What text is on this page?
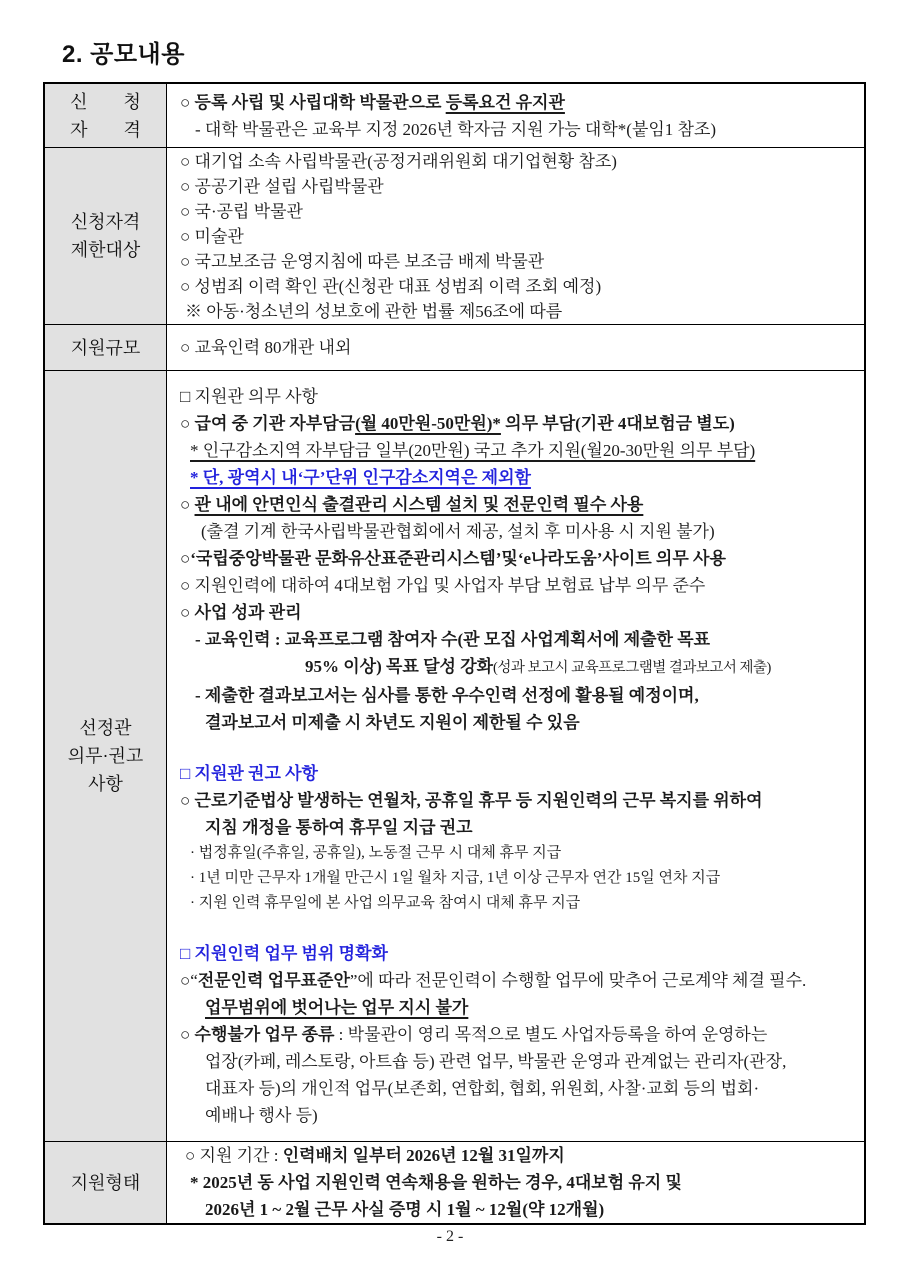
2. 공모내용
신　　청
자　　격
○ 등록 사립 및 사립대학 박물관으로 등록요건 유지관
- 대학 박물관은 교육부 지정 2026년 학자금 지원 가능 대학*(붙임1 참조)
신청자격
제한대상
○ 대기업 소속 사립박물관(공정거래위원회 대기업현황 참조)
○ 공공기관 설립 사립박물관
○ 국·공립 박물관
○ 미술관
○ 국고보조금 운영지침에 따른 보조금 배제 박물관
○ 성범죄 이력 확인 관(신청관 대표 성범죄 이력 조회 예정)
※ 아동·청소년의 성보호에 관한 법률 제56조에 따름
지원규모	○ 교육인력 80개관 내외
선정관
의무·권고
사항
□ 지원관 의무 사항
○ 급여 중 기관 자부담금(월 40만원-50만원)* 의무 부담(기관 4대보험금 별도)
* 인구감소지역 자부담금 일부(20만원) 국고 추가 지원(월20-30만원 의무 부담)
* 단, 광역시 내‘구’단위 인구감소지역은 제외함
○ 관 내에 안면인식 출결관리 시스템 설치 및 전문인력 필수 사용
(출결 기계 한국사립박물관협회에서 제공, 설치 후 미사용 시 지원 불가)
○‘국립중앙박물관 문화유산표준관리시스템’및‘e나라도움’사이트 의무 사용
○ 지원인력에 대하여 4대보험 가입 및 사업자 부담 보험료 납부 의무 준수
○ 사업 성과 관리
- 교육인력 : 교육프로그램 참여자 수(관 모집 사업계획서에 제출한 목표
95% 이상) 목표 달성 강화(성과 보고시 교육프로그램별 결과보고서 제출)
- 제출한 결과보고서는 심사를 통한 우수인력 선정에 활용될 예정이며,
결과보고서 미제출 시 차년도 지원이 제한될 수 있음
□ 지원관 권고 사항
○ 근로기준법상 발생하는 연월차, 공휴일 휴무 등 지원인력의 근무 복지를 위하여
지침 개정을 통하여 휴무일 지급 권고
· 법정휴일(주휴일, 공휴일), 노동절 근무 시 대체 휴무 지급
· 1년 미만 근무자 1개월 만근시 1일 월차 지급, 1년 이상 근무자 연간 15일 연차 지급
· 지원 인력 휴무일에 본 사업 의무교육 참여시 대체 휴무 지급
□ 지원인력 업무 범위 명확화
○“전문인력 업무표준안”에 따라 전문인력이 수행할 업무에 맞추어 근로계약 체결 필수.
업무범위에 벗어나는 업무 지시 불가
○ 수행불가 업무 종류 : 박물관이 영리 목적으로 별도 사업자등록을 하여 운영하는
업장(카페, 레스토랑, 아트숍 등) 관련 업무, 박물관 운영과 관계없는 관리자(관장,
대표자 등)의 개인적 업무(보존회, 연합회, 협회, 위원회, 사찰·교회 등의 법회·
예배나 행사 등)
지원형태
○ 지원 기간 : 인력배치 일부터 2026년 12월 31일까지
* 2025년 동 사업 지원인력 연속채용을 원하는 경우, 4대보험 유지 및
2026년 1 ~ 2월 근무 사실 증명 시 1월 ~ 12월(약 12개월)
- 2 -
